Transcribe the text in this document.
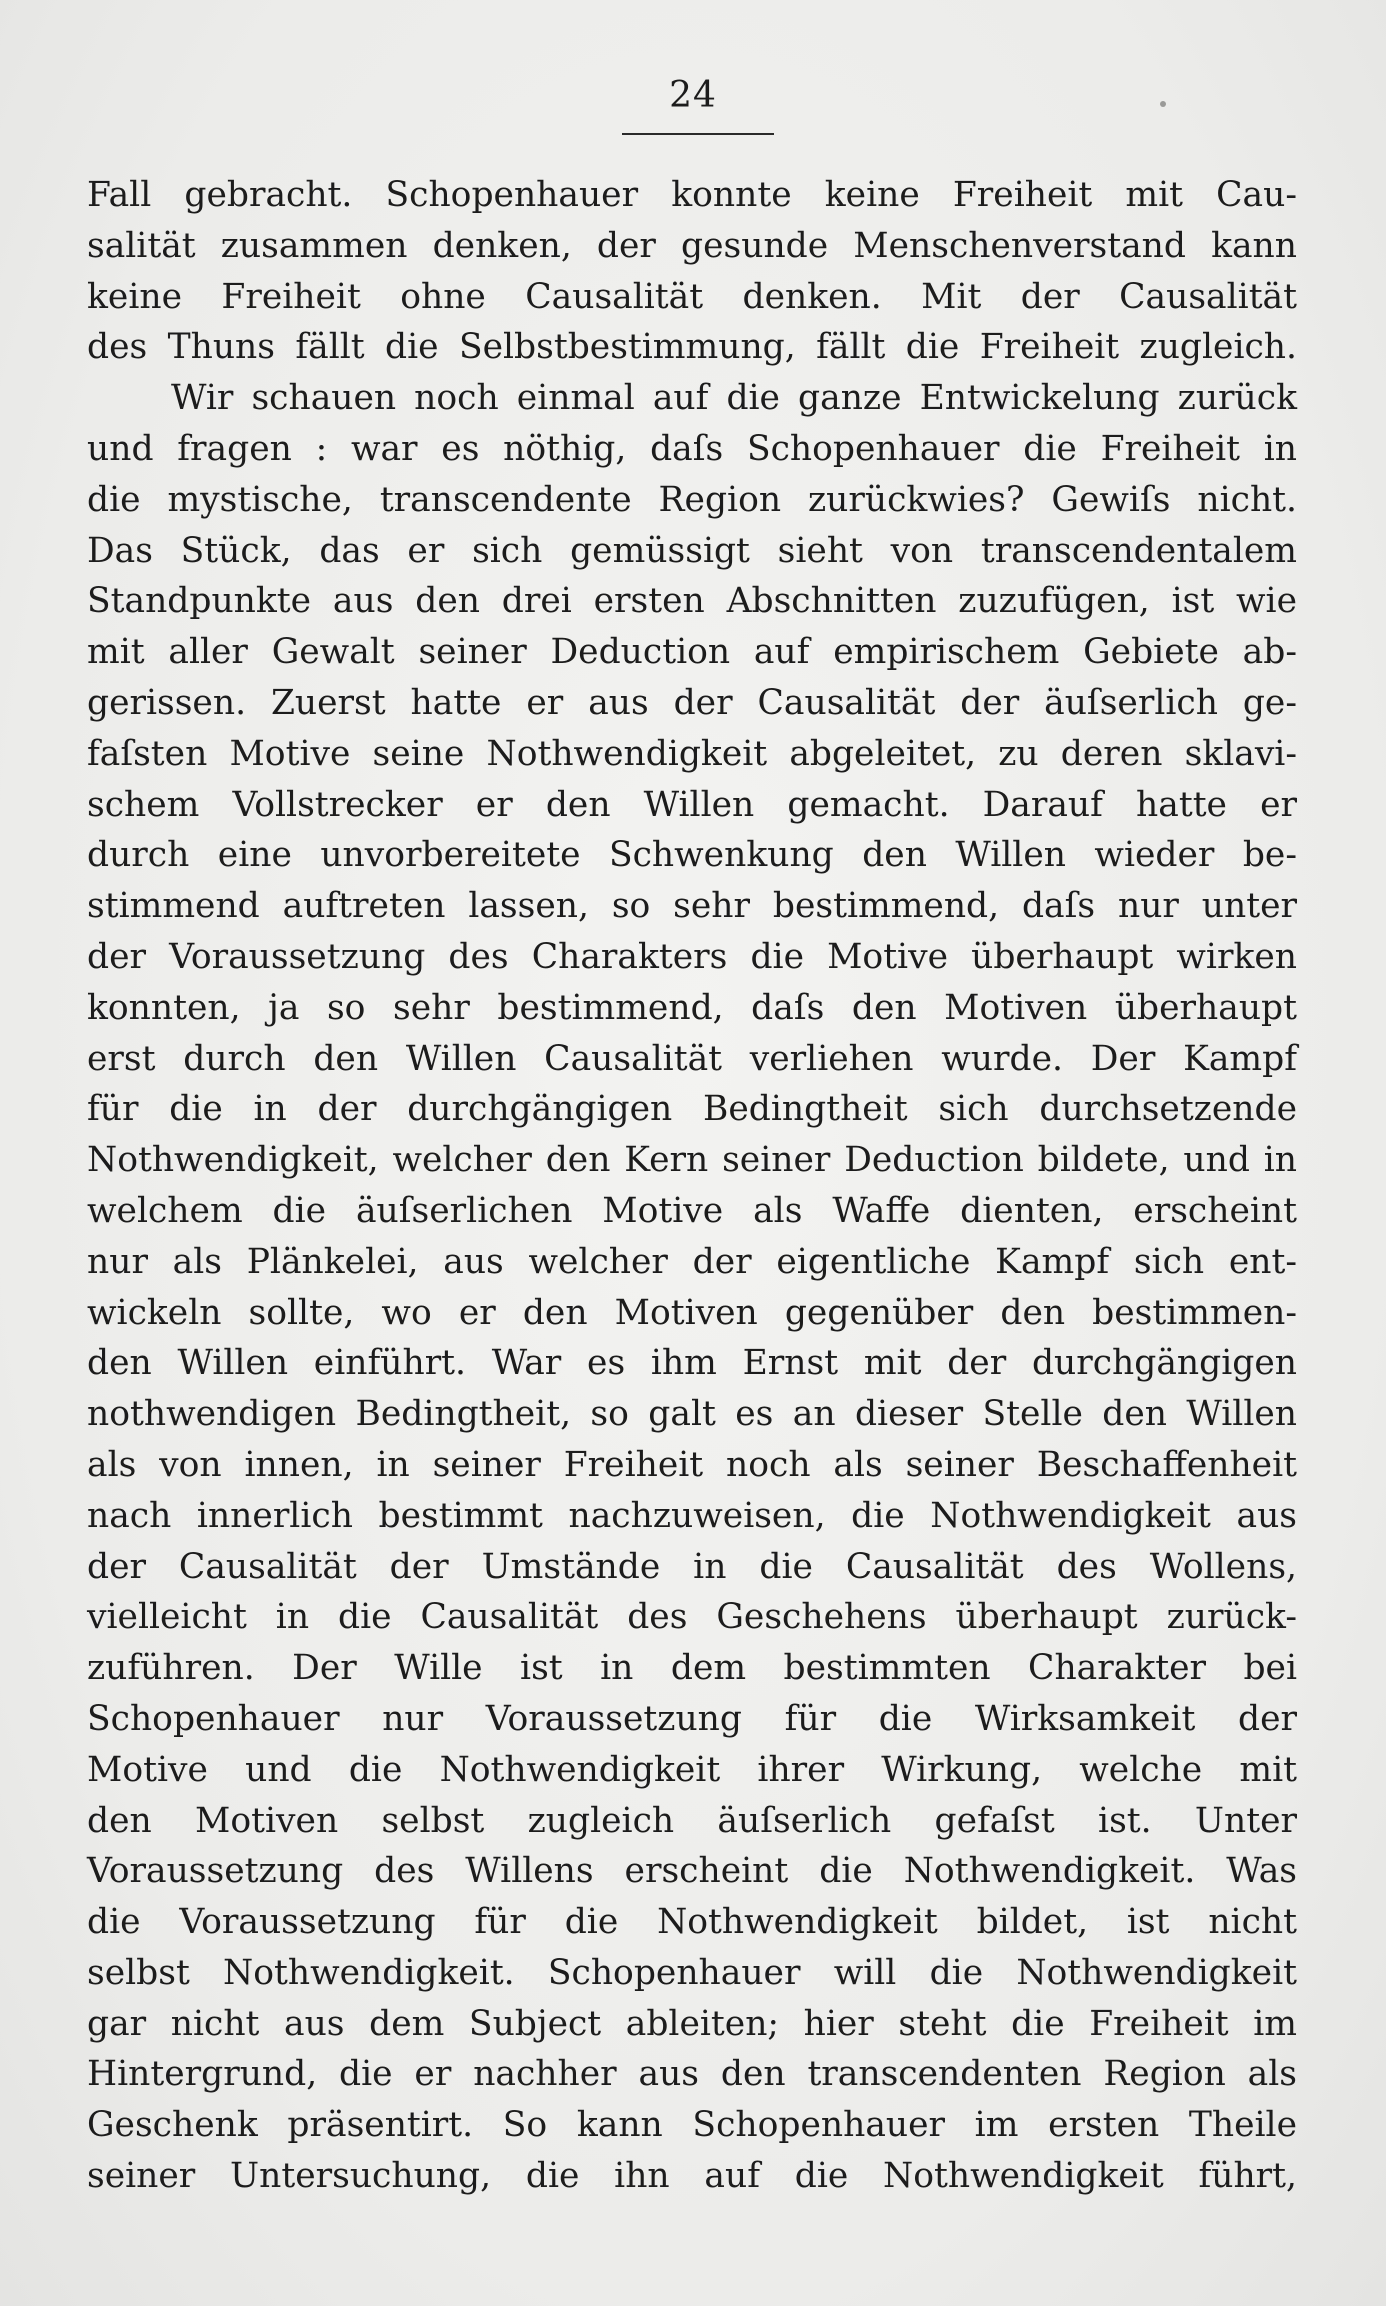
24
Fall gebracht. Schopenhauer konnte keine Freiheit mit Cau-
salität zusammen denken, der gesunde Menschenverstand kann
keine Freiheit ohne Causalität denken. Mit der Causalität
des Thuns fällt die Selbstbestimmung, fällt die Freiheit zugleich.
Wir schauen noch einmal auf die ganze Entwickelung zurück
und fragen : war es nöthig, daſs Schopenhauer die Freiheit in
die mystische, transcendente Region zurückwies? Gewiſs nicht.
Das Stück, das er sich gemüssigt sieht von transcendentalem
Standpunkte aus den drei ersten Abschnitten zuzufügen, ist wie
mit aller Gewalt seiner Deduction auf empirischem Gebiete ab-
gerissen. Zuerst hatte er aus der Causalität der äuſserlich ge-
faſsten Motive seine Nothwendigkeit abgeleitet, zu deren sklavi-
schem Vollstrecker er den Willen gemacht. Darauf hatte er
durch eine unvorbereitete Schwenkung den Willen wieder be-
stimmend auftreten lassen, so sehr bestimmend, daſs nur unter
der Voraussetzung des Charakters die Motive überhaupt wirken
konnten, ja so sehr bestimmend, daſs den Motiven überhaupt
erst durch den Willen Causalität verliehen wurde. Der Kampf
für die in der durchgängigen Bedingtheit sich durchsetzende
Nothwendigkeit, welcher den Kern seiner Deduction bildete, und in
welchem die äuſserlichen Motive als Waffe dienten, erscheint
nur als Plänkelei, aus welcher der eigentliche Kampf sich ent-
wickeln sollte, wo er den Motiven gegenüber den bestimmen-
den Willen einführt. War es ihm Ernst mit der durchgängigen
nothwendigen Bedingtheit, so galt es an dieser Stelle den Willen
als von innen, in seiner Freiheit noch als seiner Beschaffenheit
nach innerlich bestimmt nachzuweisen, die Nothwendigkeit aus
der Causalität der Umstände in die Causalität des Wollens,
vielleicht in die Causalität des Geschehens überhaupt zurück-
zuführen. Der Wille ist in dem bestimmten Charakter bei
Schopenhauer nur Voraussetzung für die Wirksamkeit der
Motive und die Nothwendigkeit ihrer Wirkung, welche mit
den Motiven selbst zugleich äuſserlich gefaſst ist. Unter
Voraussetzung des Willens erscheint die Nothwendigkeit. Was
die Voraussetzung für die Nothwendigkeit bildet, ist nicht
selbst Nothwendigkeit. Schopenhauer will die Nothwendigkeit
gar nicht aus dem Subject ableiten; hier steht die Freiheit im
Hintergrund, die er nachher aus den transcendenten Region als
Geschenk präsentirt. So kann Schopenhauer im ersten Theile
seiner Untersuchung, die ihn auf die Nothwendigkeit führt,
